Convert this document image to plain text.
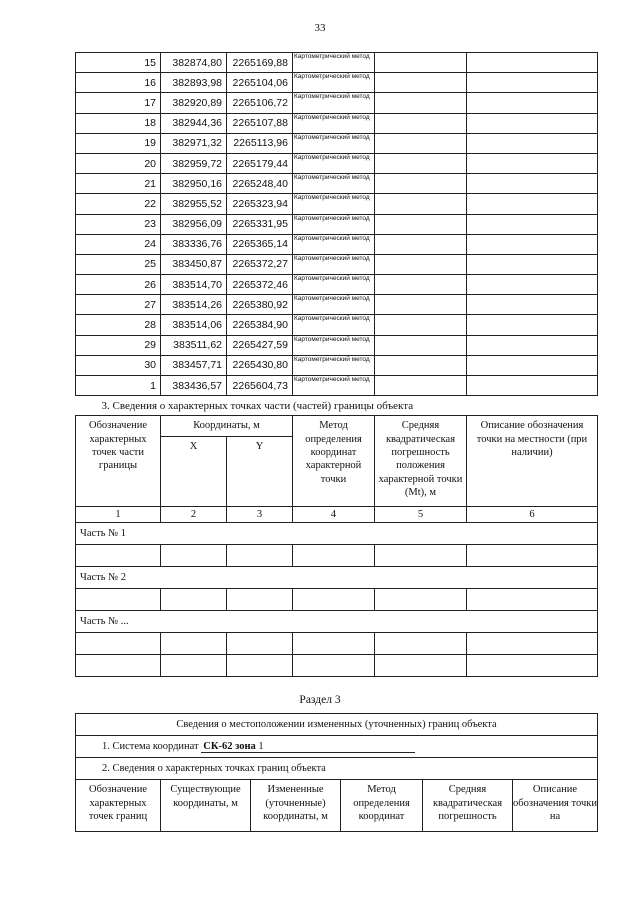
33
15	382874,80	2265169,88	Картометрический метод		
16	382893,98	2265104,06	Картометрический метод		
17	382920,89	2265106,72	Картометрический метод		
18	382944,36	2265107,88	Картометрический метод		
19	382971,32	2265113,96	Картометрический метод		
20	382959,72	2265179,44	Картометрический метод		
21	382950,16	2265248,40	Картометрический метод		
22	382955,52	2265323,94	Картометрический метод		
23	382956,09	2265331,95	Картометрический метод		
24	383336,76	2265365,14	Картометрический метод		
25	383450,87	2265372,27	Картометрический метод		
26	383514,70	2265372,46	Картометрический метод		
27	383514,26	2265380,92	Картометрический метод		
28	383514,06	2265384,90	Картометрический метод		
29	383511,62	2265427,59	Картометрический метод		
30	383457,71	2265430,80	Картометрический метод		
1	383436,57	2265604,73	Картометрический метод		
3. Сведения о характерных точках части (частей) границы объекта					
Обозначение характерных точек части границы	Координаты, м		Метод определения координат характерной точки	Средняя квадратическая погрешность положения характерной точки (Mt), м	Описание обозначения точки на местности (при наличии)
	X	Y			
1	2	3	4	5	6
Часть № 1					

Часть № 2					

Часть № ...					

Раздел 3
Сведения о местоположении измененных (уточненных) границ объекта
1. Система координат СК-62 зона 1
2. Сведения о характерных точках границ объекта
Обозначение характерных точек границ	Существующие координаты, м	Измененные (уточненные) координаты, м	Метод определения координат	Средняя квадратическая погрешность	Описание обозначения точки на
